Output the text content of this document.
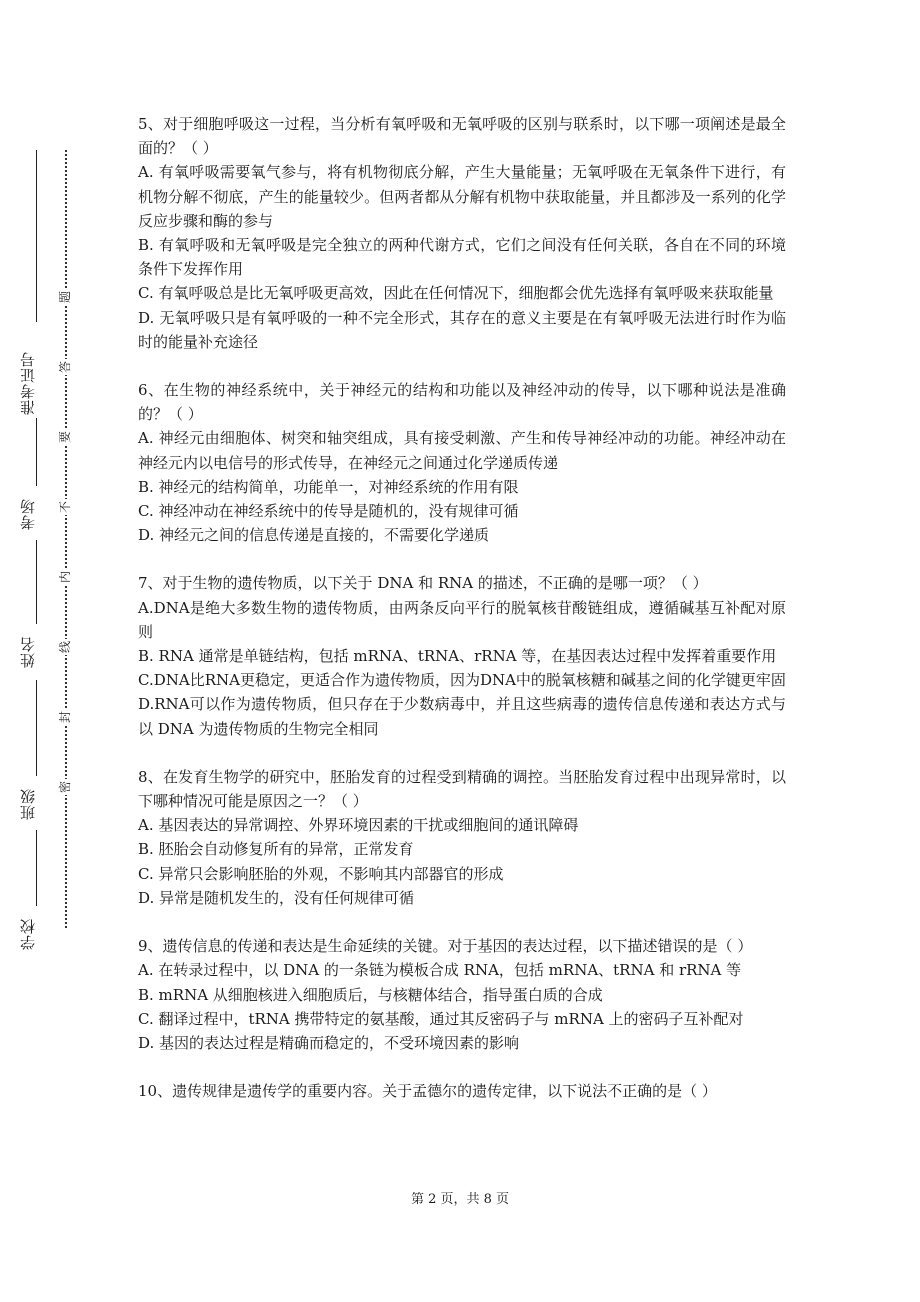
准考证号
考场
姓名
班级
学校
题
答
要
不
内
线
封
密

5、对于细胞呼吸这一过程，当分析有氧呼吸和无氧呼吸的区别与联系时，以下哪一项阐述是最全面的？（ ）

A. 有氧呼吸需要氧气参与，将有机物彻底分解，产生大量能量；无氧呼吸在无氧条件下进行，有机物分解不彻底，产生的能量较少。但两者都从分解有机物中获取能量，并且都涉及一系列的化学反应步骤和酶的参与

B. 有氧呼吸和无氧呼吸是完全独立的两种代谢方式，它们之间没有任何关联，各自在不同的环境条件下发挥作用

C. 有氧呼吸总是比无氧呼吸更高效，因此在任何情况下，细胞都会优先选择有氧呼吸来获取能量

D. 无氧呼吸只是有氧呼吸的一种不完全形式，其存在的意义主要是在有氧呼吸无法进行时作为临时的能量补充途径

6、在生物的神经系统中，关于神经元的结构和功能以及神经冲动的传导，以下哪种说法是准确的？（ ）

A. 神经元由细胞体、树突和轴突组成，具有接受刺激、产生和传导神经冲动的功能。神经冲动在神经元内以电信号的形式传导，在神经元之间通过化学递质传递

B. 神经元的结构简单，功能单一，对神经系统的作用有限

C. 神经冲动在神经系统中的传导是随机的，没有规律可循

D. 神经元之间的信息传递是直接的，不需要化学递质

7、对于生物的遗传物质，以下关于 DNA 和 RNA 的描述，不正确的是哪一项？（ ）

A.DNA是绝大多数生物的遗传物质，由两条反向平行的脱氧核苷酸链组成，遵循碱基互补配对原则

B. RNA 通常是单链结构，包括 mRNA、tRNA、rRNA 等，在基因表达过程中发挥着重要作用

C.DNA比RNA更稳定，更适合作为遗传物质，因为DNA中的脱氧核糖和碱基之间的化学键更牢固

D.RNA可以作为遗传物质，但只存在于少数病毒中，并且这些病毒的遗传信息传递和表达方式与以 DNA 为遗传物质的生物完全相同

8、在发育生物学的研究中，胚胎发育的过程受到精确的调控。当胚胎发育过程中出现异常时，以下哪种情况可能是原因之一？（ ）

A. 基因表达的异常调控、外界环境因素的干扰或细胞间的通讯障碍

B. 胚胎会自动修复所有的异常，正常发育

C. 异常只会影响胚胎的外观，不影响其内部器官的形成

D. 异常是随机发生的，没有任何规律可循

9、遗传信息的传递和表达是生命延续的关键。对于基因的表达过程，以下描述错误的是（ ）

A. 在转录过程中，以 DNA 的一条链为模板合成 RNA，包括 mRNA、tRNA 和 rRNA 等

B. mRNA 从细胞核进入细胞质后，与核糖体结合，指导蛋白质的合成

C. 翻译过程中，tRNA 携带特定的氨基酸，通过其反密码子与 mRNA 上的密码子互补配对

D. 基因的表达过程是精确而稳定的，不受环境因素的影响

10、遗传规律是遗传学的重要内容。关于孟德尔的遗传定律，以下说法不正确的是（ ）

第 2 页，共 8 页
